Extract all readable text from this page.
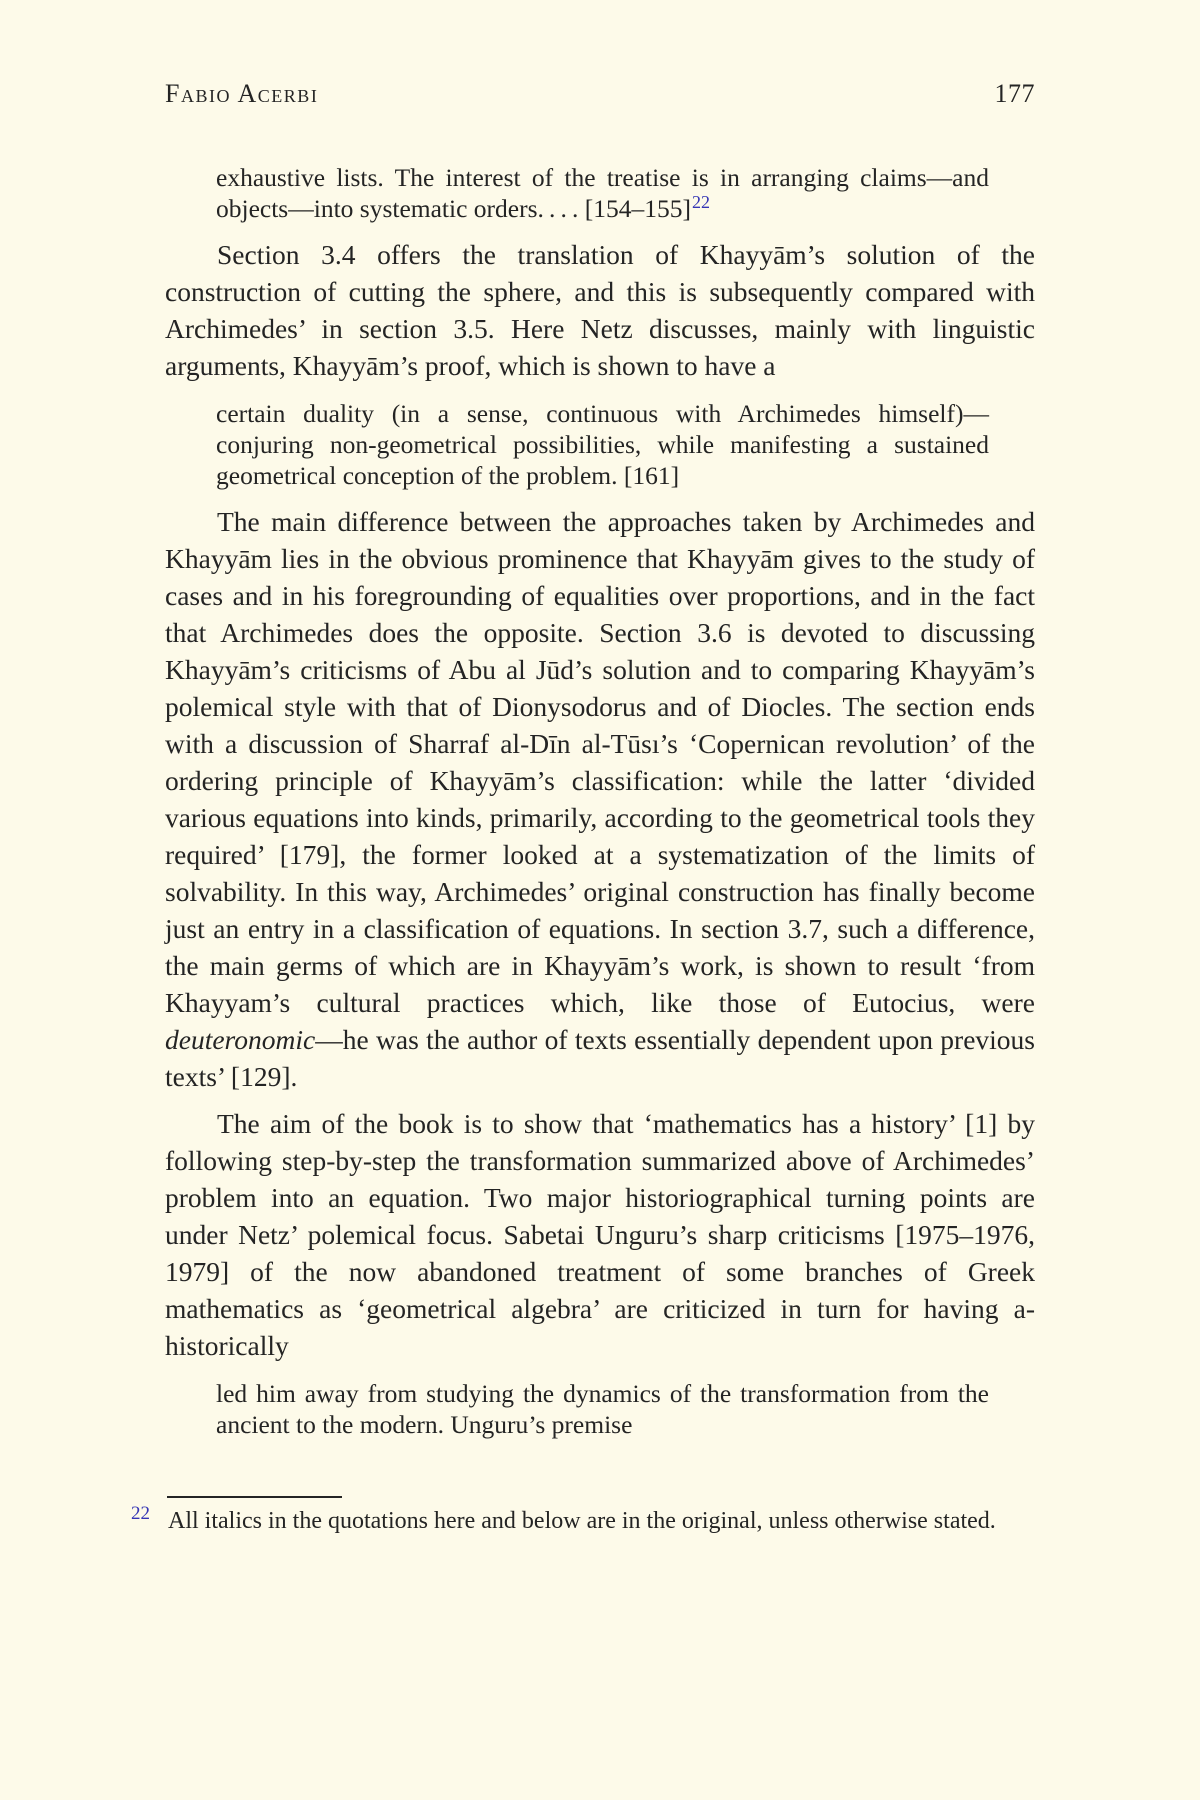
Fabio Acerbi	177
exhaustive lists. The interest of the treatise is in arranging claims—and objects—into systematic orders. . . . [154–155]$^{22}$

Section 3.4 offers the translation of Khayyām’s solution of the construction of cutting the sphere, and this is subsequently compared with Archimedes’ in section 3.5. Here Netz discusses, mainly with linguistic arguments, Khayyām’s proof, which is shown to have a

certain duality (in a sense, continuous with Archimedes himself)—conjuring non-geometrical possibilities, while manifesting a sustained geometrical conception of the problem. [161]

The main difference between the approaches taken by Archimedes and Khayyām lies in the obvious prominence that Khayyām gives to the study of cases and in his foregrounding of equalities over proportions, and in the fact that Archimedes does the opposite. Section 3.6 is devoted to discussing Khayyām’s criticisms of Abu al Jūd’s solution and to comparing Khayyām’s polemical style with that of Dionysodorus and of Diocles. The section ends with a discussion of Sharraf al-Dīn al-Tūsı’s ‘Copernican revolution’ of the ordering principle of Khayyām’s classification: while the latter ‘divided various equations into kinds, primarily, according to the geometrical tools they required’ [179], the former looked at a systematization of the limits of solvability. In this way, Archimedes’ original construction has finally become just an entry in a classification of equations. In section 3.7, such a difference, the main germs of which are in Khayyām’s work, is shown to result ‘from Khayyam’s cultural practices which, like those of Eutocius, were deuteronomic—he was the author of texts essentially dependent upon previous texts’ [129].

The aim of the book is to show that ‘mathematics has a history’ [1] by following step-by-step the transformation summarized above of Archimedes’ problem into an equation. Two major historiographical turning points are under Netz’ polemical focus. Sabetai Unguru’s sharp criticisms [1975–1976, 1979] of the now abandoned treatment of some branches of Greek mathematics as ‘geometrical algebra’ are criticized in turn for having a-historically

led him away from studying the dynamics of the transformation from the ancient to the modern. Unguru’s premise
22 All italics in the quotations here and below are in the original, unless otherwise stated.
